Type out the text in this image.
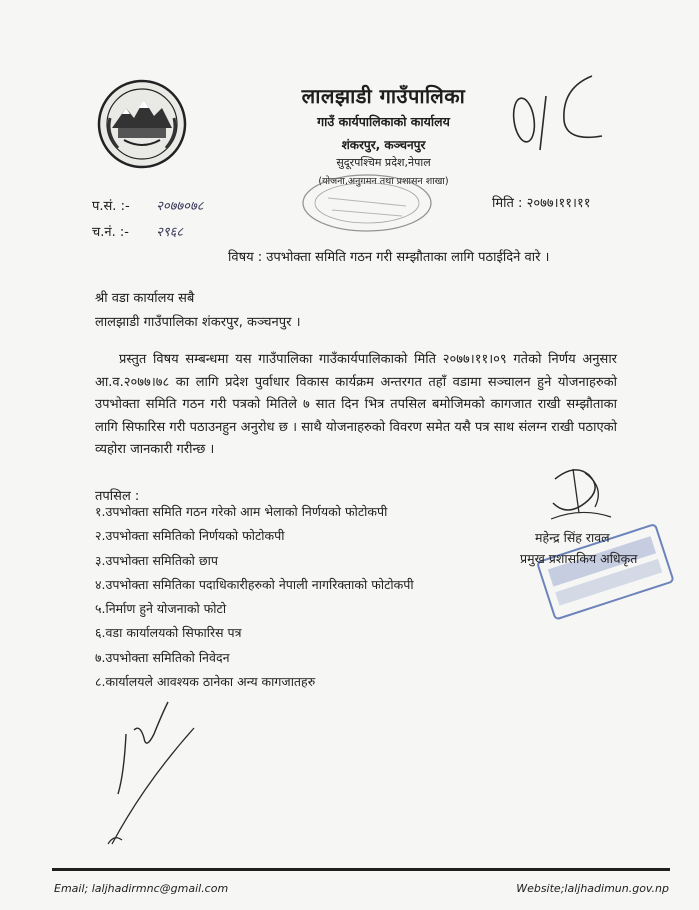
लालझाडी गाउँपालिका
गाउँ कार्यपालिकाको कार्यालय
शंकरपुर, कञ्चनपुर
सुदूरपश्चिम प्रदेश,नेपाल
(योजना,अनुगमन तथा प्रशासन शाखा)
प.सं. :- २०७७०७८
च.नं. :- २९६८
मिति : २०७७।११।११
विषय : उपभोक्ता समिति गठन गरी सम्झौताका लागि पठाईदिने वारे ।
श्री वडा कार्यालय सबै
लालझाडी गाउँपालिका शंकरपुर, कञ्चनपुर ।
प्रस्तुत विषय सम्बन्धमा यस गाउँपालिका गाउँकार्यपालिकाको मिति २०७७।११।०९ गतेको निर्णय अनुसार आ.व.२०७७।७८ का लागि प्रदेश पुर्वाधार विकास कार्यक्रम अन्तरगत तहाँ वडामा सञ्चालन हुने योजनाहरुको उपभोक्ता समिति गठन गरी पत्रको मितिले ७ सात दिन भित्र तपसिल बमोजिमको कागजात राखी सम्झौताका लागि सिफारिस गरी पठाउनहुन अनुरोध छ । साथै योजनाहरुको विवरण समेत यसै पत्र साथ संलग्न राखी पठाएको व्यहोरा जानकारी गरीन्छ ।
तपसिल :
१.उपभोक्ता समिति गठन गरेको आम भेलाको निर्णयको फोटोकपी
२.उपभोक्ता समितिको निर्णयको फोटोकपी
३.उपभोक्ता समितिको छाप
४.उपभोक्ता समितिका पदाधिकारीहरुको नेपाली नागरिक्ताको फोटोकपी
५.निर्माण हुने योजनाको फोटो
६.वडा कार्यालयको सिफारिस पत्र
७.उपभोक्ता समितिको निवेदन
८.कार्यालयले आवश्यक ठानेका अन्य कागजातहरु
महेन्द्र सिंह रावल
प्रमुख प्रशासकिय अधिकृत
Email; laljhadirmnc@gmail.com	Website;laljhadimun.gov.np
